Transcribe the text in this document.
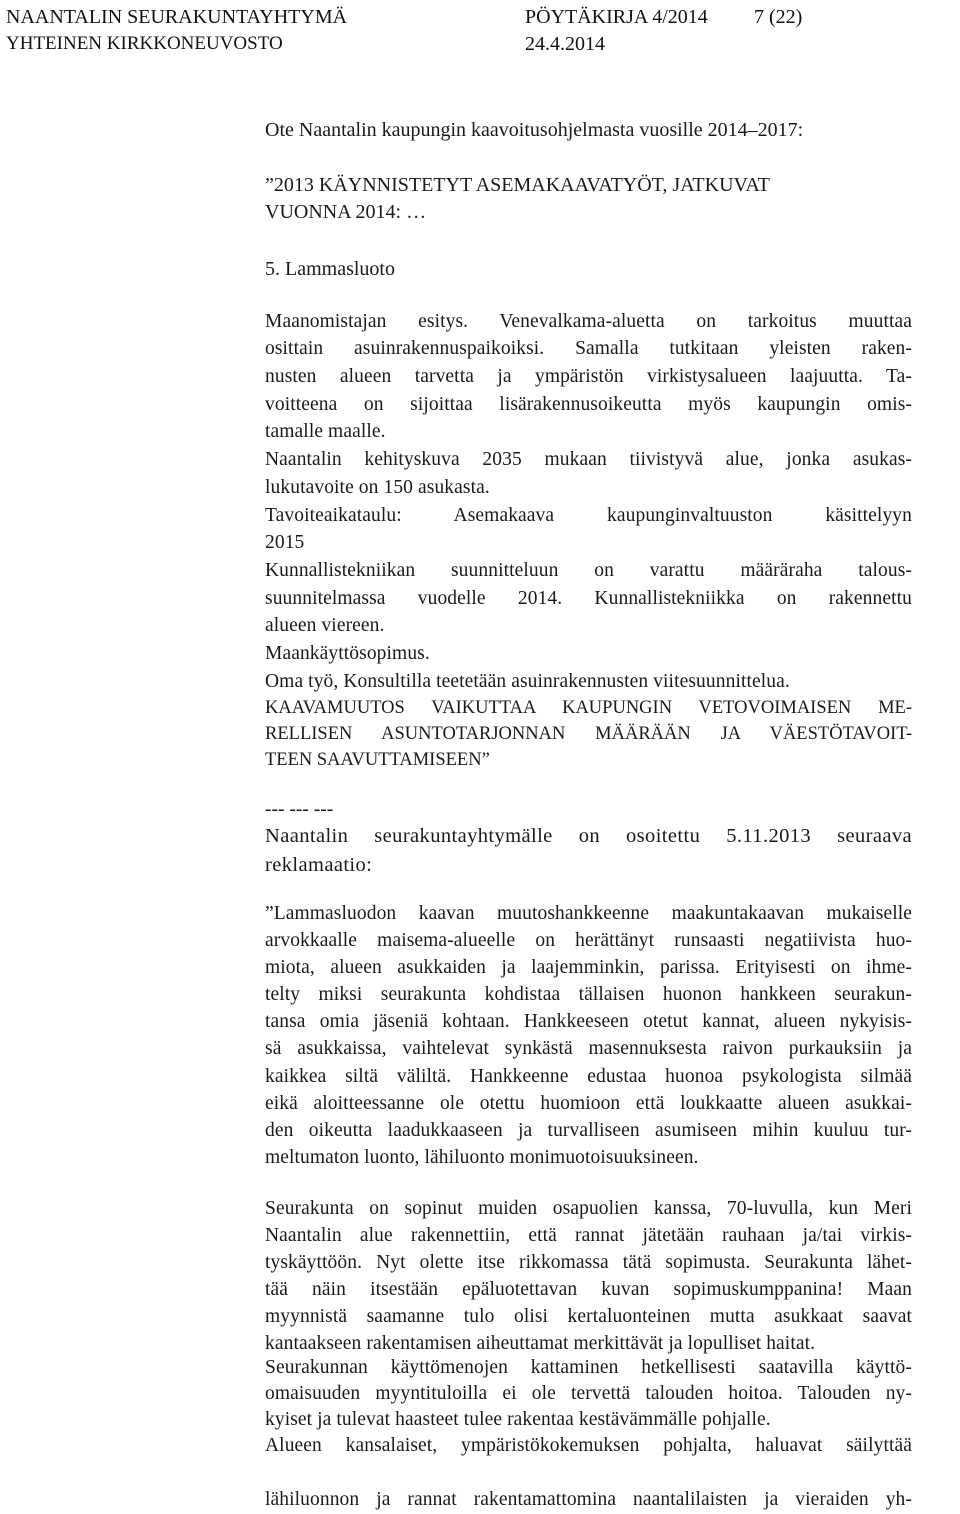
NAANTALIN SEURAKUNTAYHTYMÄ	PÖYTÄKIRJA 4/2014 7 (22)
YHTEINEN KIRKKONEUVOSTO	24.4.2014
Ote Naantalin kaupungin kaavoitusohjelmasta vuosille 2014–2017:
”2013 KÄYNNISTETYT ASEMAKAAVATYÖT, JATKUVAT
VUONNA 2014: …
5. Lammasluoto
Maanomistajan esitys. Venevalkama-aluetta on tarkoitus muuttaa
osittain asuinrakennuspaikoiksi. Samalla tutkitaan yleisten raken-
nusten alueen tarvetta ja ympäristön virkistysalueen laajuutta. Ta-
voitteena on sijoittaa lisärakennusoikeutta myös kaupungin omis-
tamalle maalle.
Naantalin kehityskuva 2035 mukaan tiivistyvä alue, jonka asukas-
lukutavoite on 150 asukasta.
Tavoiteaikataulu: Asemakaava kaupunginvaltuuston käsittelyyn
2015
Kunnallistekniikan suunnitteluun on varattu määräraha talous-
suunnitelmassa vuodelle 2014. Kunnallistekniikka on rakennettu
alueen viereen.
Maankäyttösopimus.
Oma työ, Konsultilla teetetään asuinrakennusten viitesuunnittelua.
KAAVAMUUTOS VAIKUTTAA KAUPUNGIN VETOVOIMAISEN ME-
RELLISEN ASUNTOTARJONNAN MÄÄRÄÄN JA VÄESTÖTAVOIT-
TEEN SAAVUTTAMISEEN”
--- --- ---
Naantalin seurakuntayhtymälle on osoitettu 5.11.2013 seuraava
reklamaatio:
”Lammasluodon kaavan muutoshankkeenne maakuntakaavan mukaiselle
arvokkaalle maisema-alueelle on herättänyt runsaasti negatiivista huo-
miota, alueen asukkaiden ja laajemminkin, parissa. Erityisesti on ihme-
telty miksi seurakunta kohdistaa tällaisen huonon hankkeen seurakun-
tansa omia jäseniä kohtaan. Hankkeeseen otetut kannat, alueen nykyisis-
sä asukkaissa, vaihtelevat synkästä masennuksesta raivon purkauksiin ja
kaikkea siltä väliltä. Hankkeenne edustaa huonoa psykologista silmää
eikä aloitteessanne ole otettu huomioon että loukkaatte alueen asukkai-
den oikeutta laadukkaaseen ja turvalliseen asumiseen mihin kuuluu tur-
meltumaton luonto, lähiluonto monimuotoisuuksineen.
Seurakunta on sopinut muiden osapuolien kanssa, 70-luvulla, kun Meri
Naantalin alue rakennettiin, että rannat jätetään rauhaan ja/tai virkis-
tyskäyttöön. Nyt olette itse rikkomassa tätä sopimusta. Seurakunta lähet-
tää näin itsestään epäluotettavan kuvan sopimuskumppanina! Maan
myynnistä saamanne tulo olisi kertaluonteinen mutta asukkaat saavat
kantaakseen rakentamisen aiheuttamat merkittävät ja lopulliset haitat.
Seurakunnan käyttömenojen kattaminen hetkellisesti saatavilla käyttö-
omaisuuden myyntituloilla ei ole tervettä talouden hoitoa. Talouden ny-
kyiset ja tulevat haasteet tulee rakentaa kestävämmälle pohjalle.
Alueen kansalaiset, ympäristökokemuksen pohjalta, haluavat säilyttää
lähiluonnon ja rannat rakentamattomina naantalilaisten ja vieraiden yh-
